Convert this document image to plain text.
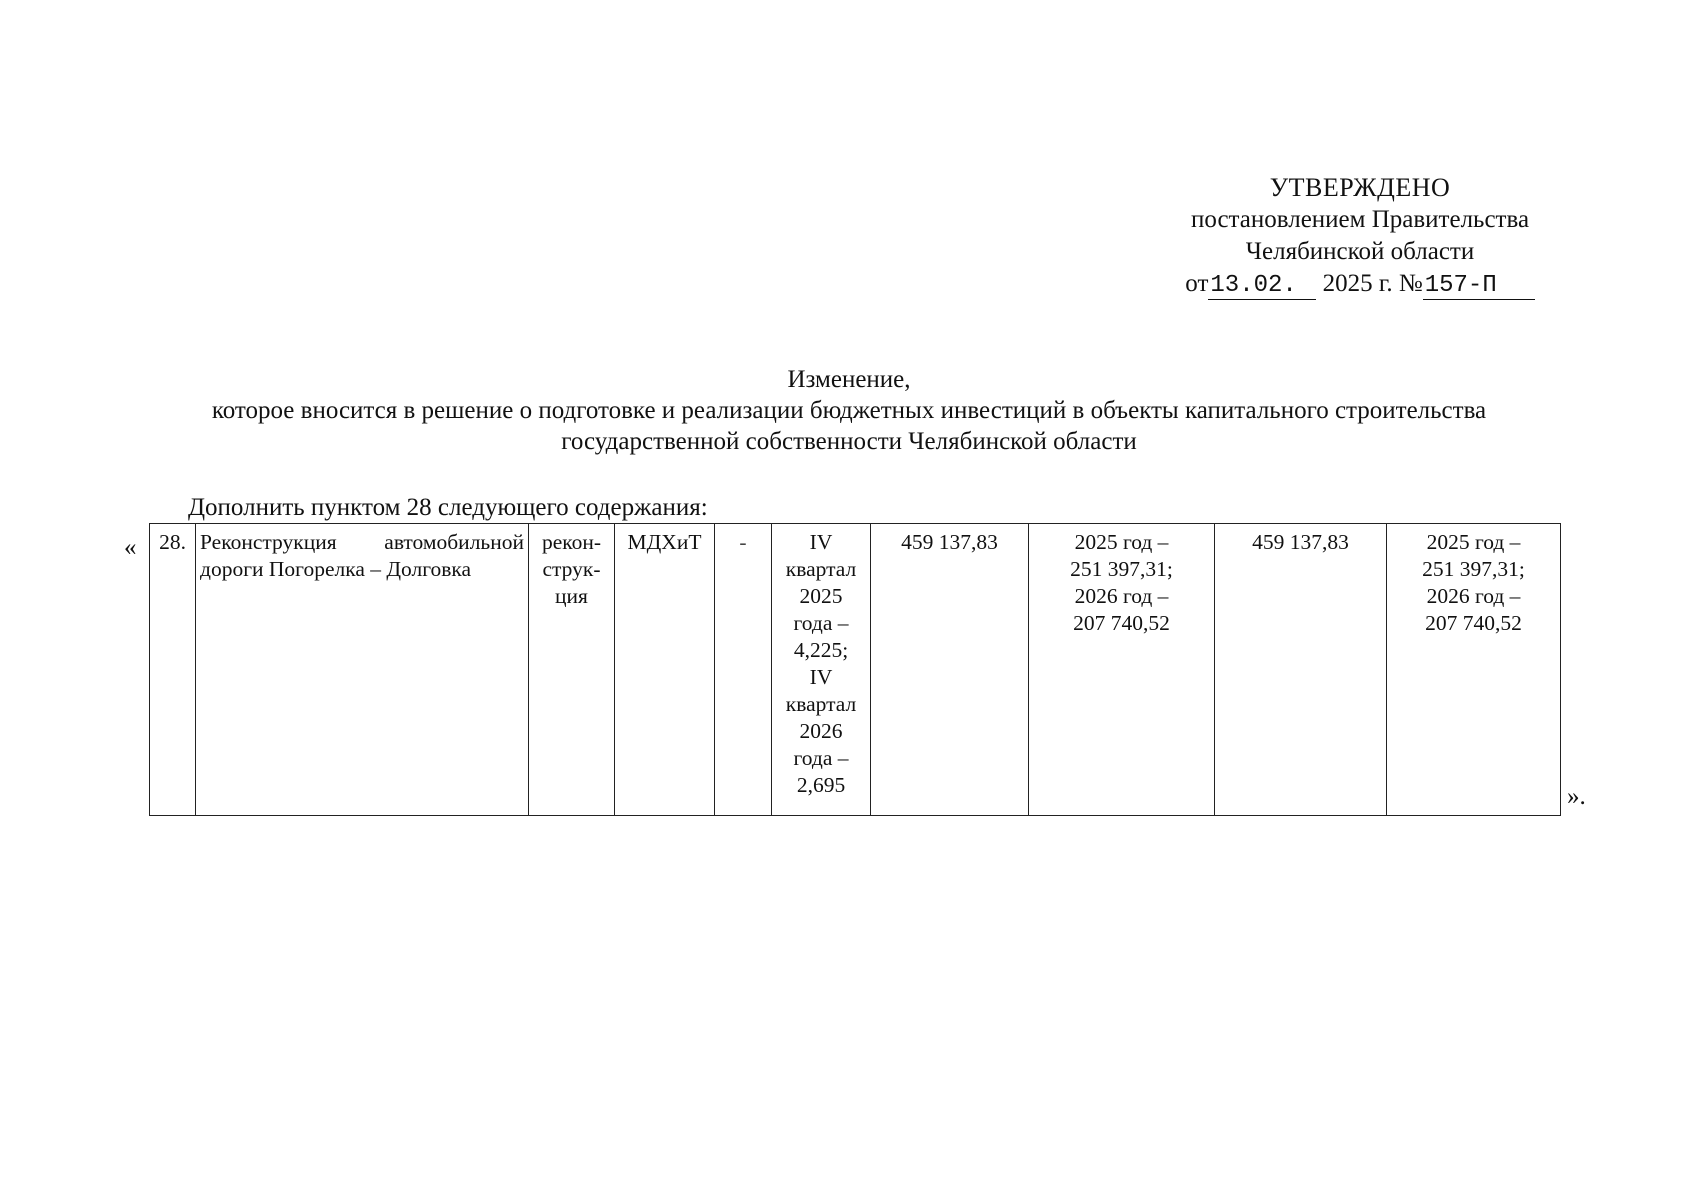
УТВЕРЖДЕНО
постановлением Правительства
Челябинской области
от13.02. 2025 г. №157-П
Изменение,
которое вносится в решение о подготовке и реализации бюджетных инвестиций в объекты капитального строительства
государственной собственности Челябинской области
Дополнить пунктом 28 следующего содержания:
« 28.	Реконструкция автомобильной дороги Погорелка – Долговка	рекон-
струк-
ция	МДХиТ	-	IV
квартал
2025
года –
4,225;
IV
квартал
2026
года –
2,695	459 137,83	2025 год –
251 397,31;
2026 год –
207 740,52	459 137,83	2025 год –
251 397,31;
2026 год –
207 740,52
».
